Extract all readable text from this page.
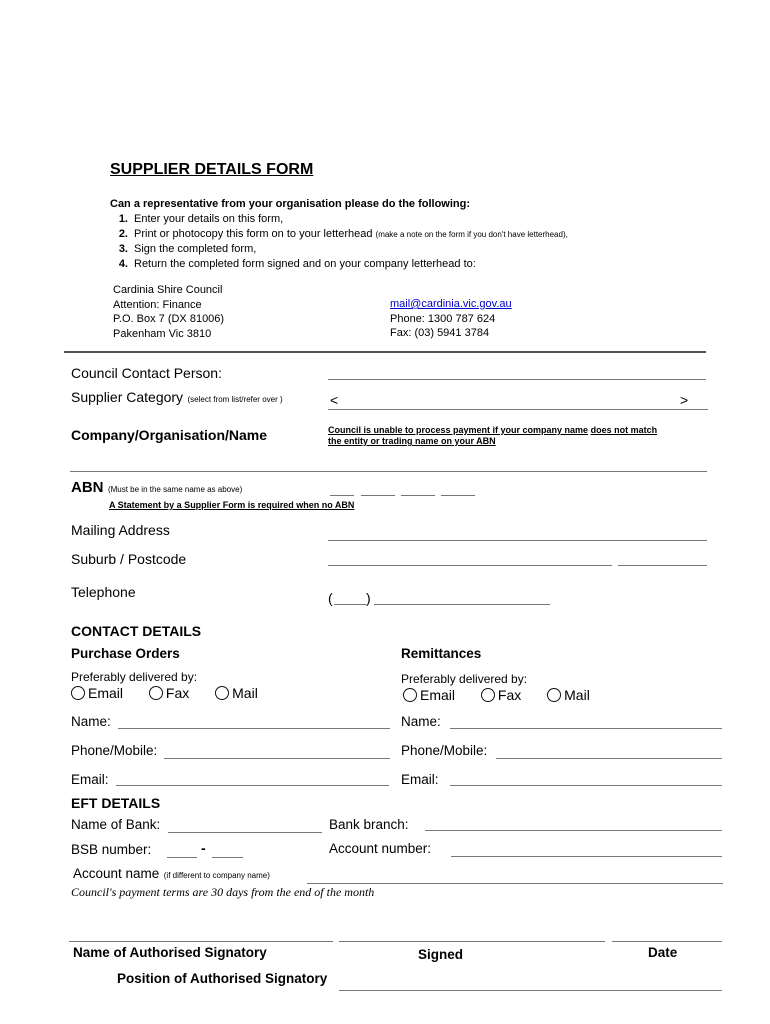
SUPPLIER DETAILS FORM
Can a representative from your organisation please do the following:
1. Enter your details on this form,
2. Print or photocopy this form on to your letterhead (make a note on the form if you don't have letterhead),
3. Sign the completed form,
4. Return the completed form signed and on your company letterhead to:
Cardinia Shire Council
Attention: Finance
P.O. Box 7 (DX 81006)
Pakenham Vic 3810
mail@cardinia.vic.gov.au
Phone: 1300 787 624
Fax: (03) 5941 3784
Council Contact Person:
Supplier Category (select from list/refer over )	<	>
Company/Organisation/Name	Council is unable to process payment if your company name does not match
the entity or trading name on your ABN
ABN (Must be in the same name as above)
A Statement by a Supplier Form is required when no ABN
Mailing Address
Suburb / Postcode
Telephone	( )
CONTACT DETAILS
Purchase Orders
Preferably delivered by:
Email	Fax	Mail
Remittances
Preferably delivered by:
Email	Fax	Mail
Name:	Name:
Phone/Mobile:	Phone/Mobile:
Email:	Email:
EFT DETAILS
Name of Bank:	Bank branch:
BSB number:	-	Account number:
Account name (if different to company name)
Council's payment terms are 30 days from the end of the month
Name of Authorised Signatory	Signed	Date
Position of Authorised Signatory
